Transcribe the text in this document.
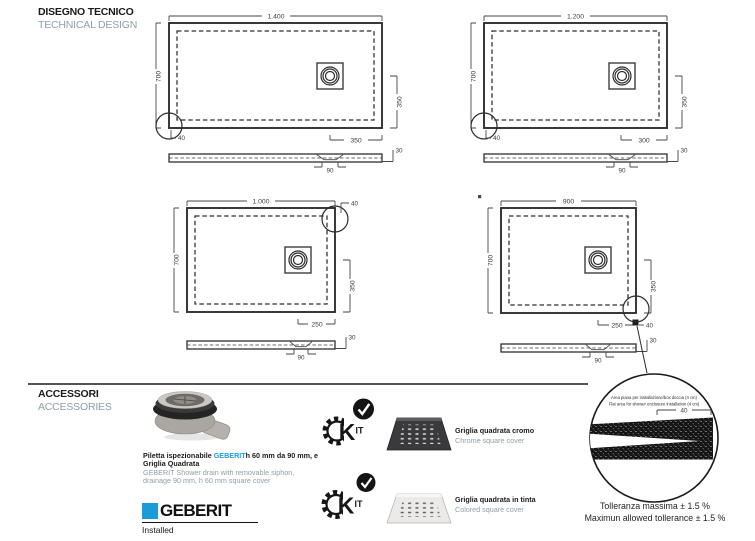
DISEGNO TECNICO
TECHNICAL DESIGN
ACCESSORI
ACCESSORIES
1.400
700
350
350
40
30
90
1.200
700
350
300
40
30
90
1.000
700
350
250
40
30
90
900
700
350
250	40
30
90
40
Area piana per installazione/box doccia (4 cm)
Flat area for shower enclosure installation (4 cm)
K IT
K IT
Piletta ispezionabile GEBERITh 60 mm da 90 mm, e Griglia Quadrata
GEBERIT Shower drain with removable siphon, drainage 90 mm, h 60 mm square cover
GEBERIT
Installed
Griglia quadrata cromo
Chrome square cover
Griglia quadrata in tinta
Colored square cover	Tolleranza massima ± 1.5 %
Maximun allowed tollerance ± 1.5 %
